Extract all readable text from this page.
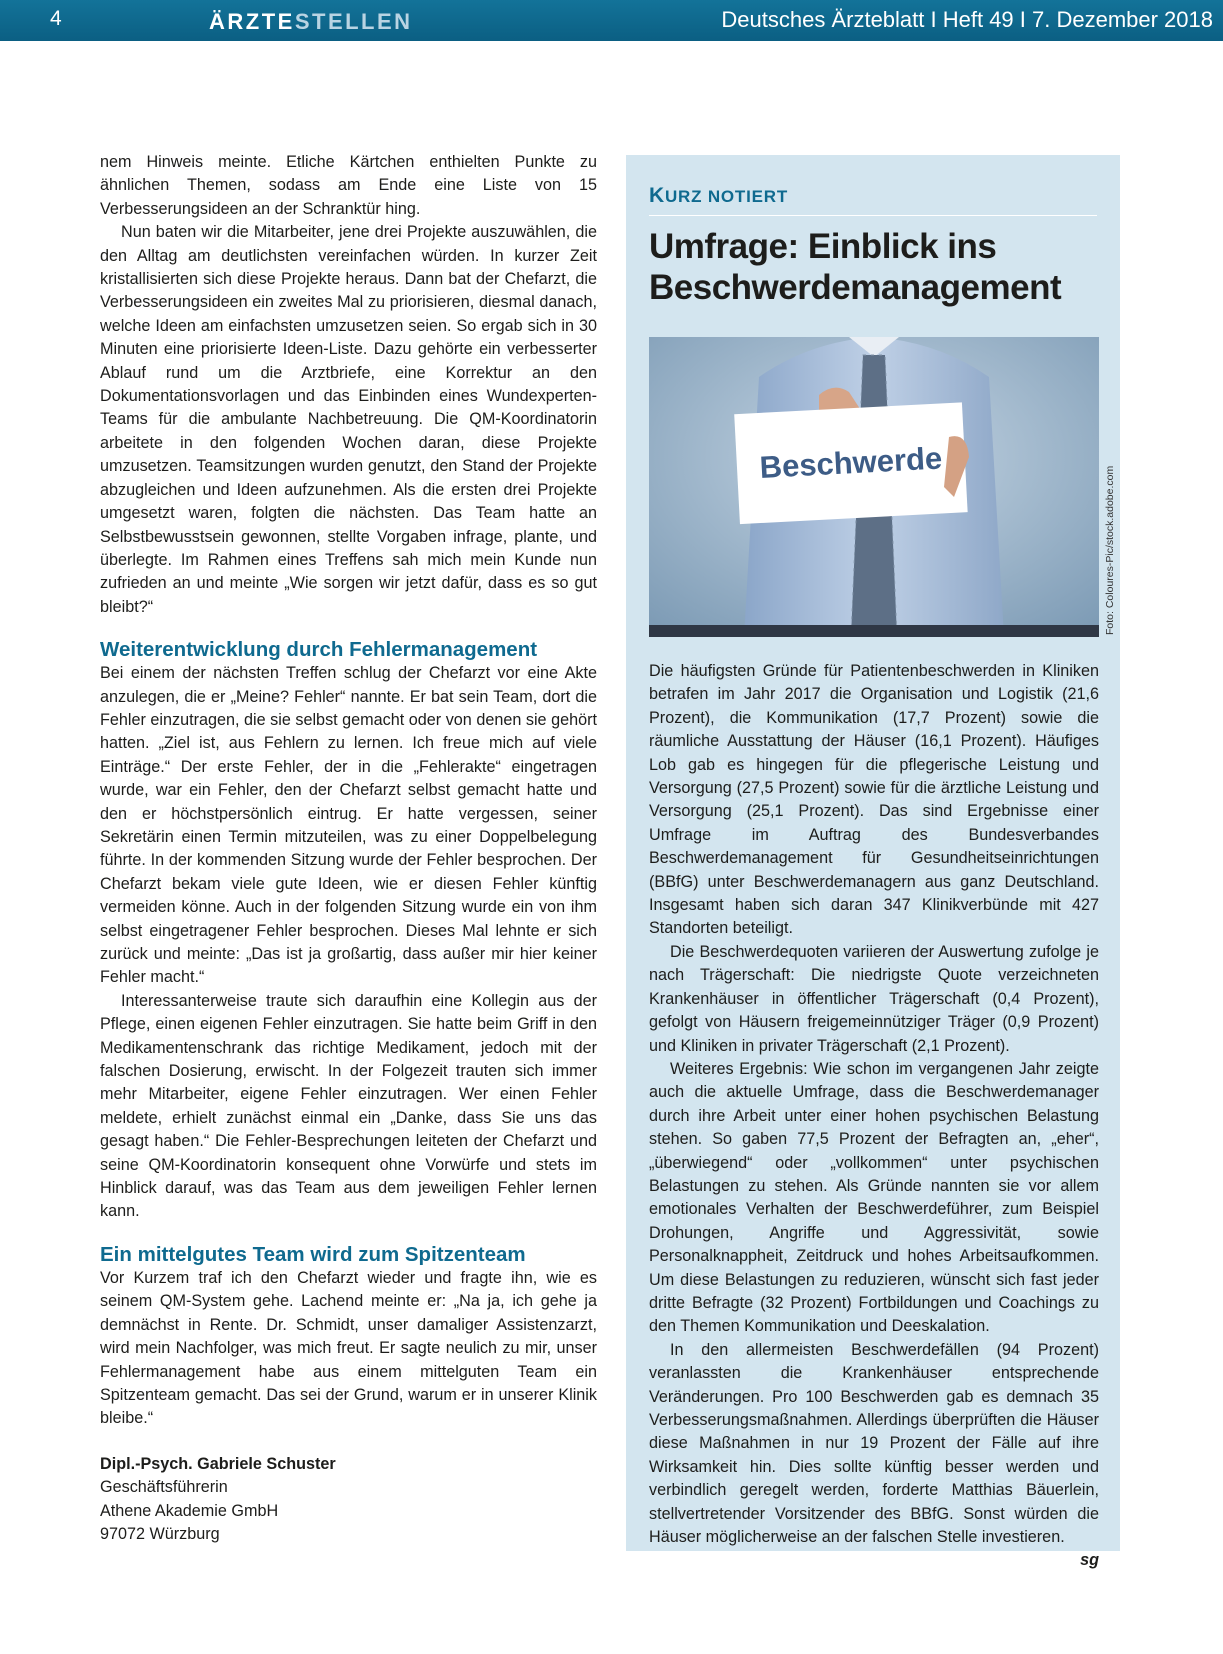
4	ÄRZTESTELLEN	Deutsches Ärzteblatt I Heft 49 I 7. Dezember 2018

nem Hinweis meinte. Etliche Kärtchen enthielten Punkte zu ähnlichen Themen, sodass am Ende eine Liste von 15 Verbesserungsideen an der Schranktür hing.

Nun baten wir die Mitarbeiter, jene drei Projekte auszuwählen, die den Alltag am deutlichsten vereinfachen würden. In kurzer Zeit kristallisierten sich diese Projekte heraus. Dann bat der Chefarzt, die Verbesserungsideen ein zweites Mal zu priorisieren, diesmal danach, welche Ideen am einfachsten umzusetzen seien. So ergab sich in 30 Minuten eine priorisierte Ideen-Liste. Dazu gehörte ein verbesserter Ablauf rund um die Arztbriefe, eine Korrektur an den Dokumentationsvorlagen und das Einbinden eines Wundexperten-Teams für die ambulante Nachbetreuung. Die QM-Koordinatorin arbeitete in den folgenden Wochen daran, diese Projekte umzusetzen. Teamsitzungen wurden genutzt, den Stand der Projekte abzugleichen und Ideen aufzunehmen. Als die ersten drei Projekte umgesetzt waren, folgten die nächsten. Das Team hatte an Selbstbewusstsein gewonnen, stellte Vorgaben infrage, plante, und überlegte. Im Rahmen eines Treffens sah mich mein Kunde nun zufrieden an und meinte „Wie sorgen wir jetzt dafür, dass es so gut bleibt?“

Weiterentwicklung durch Fehlermanagement

Bei einem der nächsten Treffen schlug der Chefarzt vor eine Akte anzulegen, die er „Meine? Fehler“ nannte. Er bat sein Team, dort die Fehler einzutragen, die sie selbst gemacht oder von denen sie gehört hatten. „Ziel ist, aus Fehlern zu lernen. Ich freue mich auf viele Einträge.“ Der erste Fehler, der in die „Fehlerakte“ eingetragen wurde, war ein Fehler, den der Chefarzt selbst gemacht hatte und den er höchstpersönlich eintrug. Er hatte vergessen, seiner Sekretärin einen Termin mitzuteilen, was zu einer Doppelbelegung führte. In der kommenden Sitzung wurde der Fehler besprochen. Der Chefarzt bekam viele gute Ideen, wie er diesen Fehler künftig vermeiden könne. Auch in der folgenden Sitzung wurde ein von ihm selbst eingetragener Fehler besprochen. Dieses Mal lehnte er sich zurück und meinte: „Das ist ja großartig, dass außer mir hier keiner Fehler macht.“

Interessanterweise traute sich daraufhin eine Kollegin aus der Pflege, einen eigenen Fehler einzutragen. Sie hatte beim Griff in den Medikamentenschrank das richtige Medikament, jedoch mit der falschen Dosierung, erwischt. In der Folgezeit trauten sich immer mehr Mitarbeiter, eigene Fehler einzutragen. Wer einen Fehler meldete, erhielt zunächst einmal ein „Danke, dass Sie uns das gesagt haben.“ Die Fehler-Besprechungen leiteten der Chefarzt und seine QM-Koordinatorin konsequent ohne Vorwürfe und stets im Hinblick darauf, was das Team aus dem jeweiligen Fehler lernen kann.

Ein mittelgutes Team wird zum Spitzenteam

Vor Kurzem traf ich den Chefarzt wieder und fragte ihn, wie es seinem QM-System gehe. Lachend meinte er: „Na ja, ich gehe ja demnächst in Rente. Dr. Schmidt, unser damaliger Assistenzarzt, wird mein Nachfolger, was mich freut. Er sagte neulich zu mir, unser Fehlermanagement habe aus einem mittelguten Team ein Spitzenteam gemacht. Das sei der Grund, warum er in unserer Klinik bleibe.“

Dipl.-Psych. Gabriele Schuster
Geschäftsführerin
Athene Akademie GmbH
97072 Würzburg
KURZ NOTIERT
Umfrage: Einblick ins Beschwerdemanagement
Beschwerde
Foto: Coloures-Pic/stock.adobe.com

Die häufigsten Gründe für Patientenbeschwerden in Kliniken betrafen im Jahr 2017 die Organisation und Logistik (21,6 Prozent), die Kommunikation (17,7 Prozent) sowie die räumliche Ausstattung der Häuser (16,1 Prozent). Häufiges Lob gab es hingegen für die pflegerische Leistung und Versorgung (27,5 Prozent) sowie für die ärztliche Leistung und Versorgung (25,1 Prozent). Das sind Ergebnisse einer Umfrage im Auftrag des Bundesverbandes Beschwerdemanagement für Gesundheitseinrichtungen (BBfG) unter Beschwerdemanagern aus ganz Deutschland. Insgesamt haben sich daran 347 Klinikverbünde mit 427 Standorten beteiligt.

Die Beschwerdequoten variieren der Auswertung zufolge je nach Trägerschaft: Die niedrigste Quote verzeichneten Krankenhäuser in öffentlicher Trägerschaft (0,4 Prozent), gefolgt von Häusern freigemeinnütziger Träger (0,9 Prozent) und Kliniken in privater Trägerschaft (2,1 Prozent).

Weiteres Ergebnis: Wie schon im vergangenen Jahr zeigte auch die aktuelle Umfrage, dass die Beschwerdemanager durch ihre Arbeit unter einer hohen psychischen Belastung stehen. So gaben 77,5 Prozent der Befragten an, „eher“, „überwiegend“ oder „vollkommen“ unter psychischen Belastungen zu stehen. Als Gründe nannten sie vor allem emotionales Verhalten der Beschwerdeführer, zum Beispiel Drohungen, Angriffe und Aggressivität, sowie Personalknappheit, Zeitdruck und hohes Arbeitsaufkommen. Um diese Belastungen zu reduzieren, wünscht sich fast jeder dritte Befragte (32 Prozent) Fortbildungen und Coachings zu den Themen Kommunikation und Deeskalation.

In den allermeisten Beschwerdefällen (94 Prozent) veranlassten die Krankenhäuser entsprechende Veränderungen. Pro 100 Beschwerden gab es demnach 35 Verbesserungsmaßnahmen. Allerdings überprüften die Häuser diese Maßnahmen in nur 19 Prozent der Fälle auf ihre Wirksamkeit hin. Dies sollte künftig besser werden und verbindlich geregelt werden, forderte Matthias Bäuerlein, stellvertretender Vorsitzender des BBfG. Sonst würden die Häuser möglicherweise an der falschen Stelle investieren.
sg
